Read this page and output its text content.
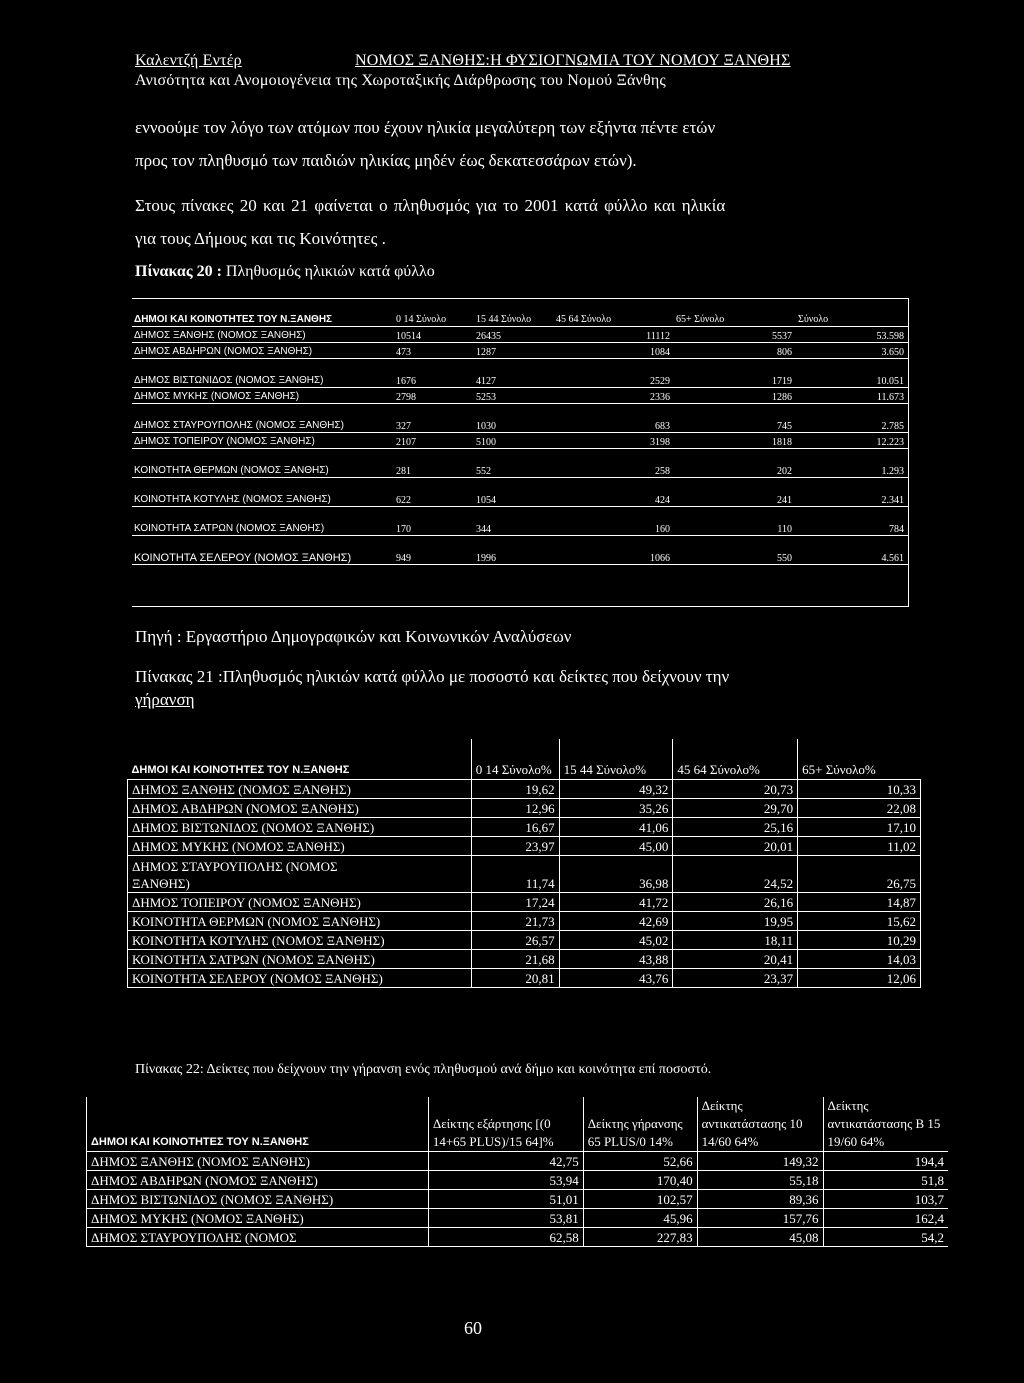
Καλεντζή Εντέρ	ΝΟΜΟΣ ΞΑΝΘΗΣ:Η ΦΥΣΙΟΓΝΩΜΙΑ ΤΟΥ ΝΟΜΟΥ ΞΑΝΘΗΣ
Ανισότητα και Ανομοιογένεια της Χωροταξικής Διάρθρωσης του Νομού Ξάνθης
εννοούμε τον λόγο των ατόμων που έχουν ηλικία μεγαλύτερη των εξήντα πέντε ετών
προς τον πληθυσμό των παιδιών ηλικίας μηδέν έως δεκατεσσάρων ετών).
Στους πίνακες 20 και 21 φαίνεται ο πληθυσμός για το 2001 κατά φύλλο και ηλικία
για τους Δήμους και τις Κοινότητες .
Πίνακας 20 : Πληθυσμός ηλικιών κατά φύλλο
ΔΗΜΟΙ ΚΑΙ ΚΟΙΝΟΤΗΤΕΣ ΤΟΥ Ν.ΞΑΝΘΗΣ	0 14 Σύνολο	15 44 Σύνολο	45 64 Σύνολο	65+ Σύνολο	Σύνολο
ΔΗΜΟΣ ΞΑΝΘΗΣ (ΝΟΜΟΣ ΞΑΝΘΗΣ)	10514	26435	11112	5537	53.598
ΔΗΜΟΣ ΑΒΔΗΡΩΝ (ΝΟΜΟΣ ΞΑΝΘΗΣ)	473	1287	1084	806	3.650
ΔΗΜΟΣ ΒΙΣΤΩΝΙΔΟΣ (ΝΟΜΟΣ ΞΑΝΘΗΣ)	1676	4127	2529	1719	10.051
ΔΗΜΟΣ ΜΥΚΗΣ (ΝΟΜΟΣ ΞΑΝΘΗΣ)	2798	5253	2336	1286	11.673
ΔΗΜΟΣ ΣΤΑΥΡΟΥΠΟΛΗΣ (ΝΟΜΟΣ ΞΑΝΘΗΣ)	327	1030	683	745	2.785
ΔΗΜΟΣ ΤΟΠΕΙΡΟΥ (ΝΟΜΟΣ ΞΑΝΘΗΣ)	2107	5100	3198	1818	12.223
ΚΟΙΝΟΤΗΤΑ ΘΕΡΜΩΝ (ΝΟΜΟΣ ΞΑΝΘΗΣ)	281	552	258	202	1.293
ΚΟΙΝΟΤΗΤΑ ΚΟΤΥΛΗΣ (ΝΟΜΟΣ ΞΑΝΘΗΣ)	622	1054	424	241	2.341
ΚΟΙΝΟΤΗΤΑ ΣΑΤΡΩΝ (ΝΟΜΟΣ ΞΑΝΘΗΣ)	170	344	160	110	784
ΚΟΙΝΟΤΗΤΑ ΣΕΛΕΡΟΥ (ΝΟΜΟΣ ΞΑΝΘΗΣ)	949	1996	1066	550	4.561
Πηγή : Εργαστήριο Δημογραφικών και Κοινωνικών Αναλύσεων
Πίνακας 21 :Πληθυσμός ηλικιών κατά φύλλο με ποσοστό και δείκτες που δείχνουν την
γήρανση
ΔΗΜΟΙ ΚΑΙ ΚΟΙΝΟΤΗΤΕΣ ΤΟΥ Ν.ΞΑΝΘΗΣ	0 14 Σύνολο%	15 44 Σύνολο%	45 64 Σύνολο%	65+ Σύνολο%
ΔΗΜΟΣ ΞΑΝΘΗΣ (ΝΟΜΟΣ ΞΑΝΘΗΣ)	19,62	49,32	20,73	10,33
ΔΗΜΟΣ ΑΒΔΗΡΩΝ (ΝΟΜΟΣ ΞΑΝΘΗΣ)	12,96	35,26	29,70	22,08
ΔΗΜΟΣ ΒΙΣΤΩΝΙΔΟΣ (ΝΟΜΟΣ ΞΑΝΘΗΣ)	16,67	41,06	25,16	17,10
ΔΗΜΟΣ ΜΥΚΗΣ (ΝΟΜΟΣ ΞΑΝΘΗΣ)	23,97	45,00	20,01	11,02
ΔΗΜΟΣ ΣΤΑΥΡΟΥΠΟΛΗΣ (ΝΟΜΟΣ ΞΑΝΘΗΣ)	11,74	36,98	24,52	26,75
ΔΗΜΟΣ ΤΟΠΕΙΡΟΥ (ΝΟΜΟΣ ΞΑΝΘΗΣ)	17,24	41,72	26,16	14,87
ΚΟΙΝΟΤΗΤΑ ΘΕΡΜΩΝ (ΝΟΜΟΣ ΞΑΝΘΗΣ)	21,73	42,69	19,95	15,62
ΚΟΙΝΟΤΗΤΑ ΚΟΤΥΛΗΣ (ΝΟΜΟΣ ΞΑΝΘΗΣ)	26,57	45,02	18,11	10,29
ΚΟΙΝΟΤΗΤΑ ΣΑΤΡΩΝ (ΝΟΜΟΣ ΞΑΝΘΗΣ)	21,68	43,88	20,41	14,03
ΚΟΙΝΟΤΗΤΑ ΣΕΛΕΡΟΥ (ΝΟΜΟΣ ΞΑΝΘΗΣ)	20,81	43,76	23,37	12,06
Πίνακας 22: Δείκτες που δείχνουν την γήρανση ενός πληθυσμού ανά δήμο και κοινότητα επί ποσοστό.
ΔΗΜΟΙ ΚΑΙ ΚΟΙΝΟΤΗΤΕΣ ΤΟΥ Ν.ΞΑΝΘΗΣ	Δείκτης εξάρτησης [(0 14+65 PLUS)/15 64]%	Δείκτης γήρανσης 65 PLUS/0 14%	Δείκτης αντικατάστασης 10 14/60 64%	Δείκτης αντικατάστασης Β 15 19/60 64%
ΔΗΜΟΣ ΞΑΝΘΗΣ (ΝΟΜΟΣ ΞΑΝΘΗΣ)	42,75	52,66	149,32	194,4
ΔΗΜΟΣ ΑΒΔΗΡΩΝ (ΝΟΜΟΣ ΞΑΝΘΗΣ)	53,94	170,40	55,18	51,8
ΔΗΜΟΣ ΒΙΣΤΩΝΙΔΟΣ (ΝΟΜΟΣ ΞΑΝΘΗΣ)	51,01	102,57	89,36	103,7
ΔΗΜΟΣ ΜΥΚΗΣ (ΝΟΜΟΣ ΞΑΝΘΗΣ)	53,81	45,96	157,76	162,4
ΔΗΜΟΣ ΣΤΑΥΡΟΥΠΟΛΗΣ (ΝΟΜΟΣ	62,58	227,83	45,08	54,2
60
